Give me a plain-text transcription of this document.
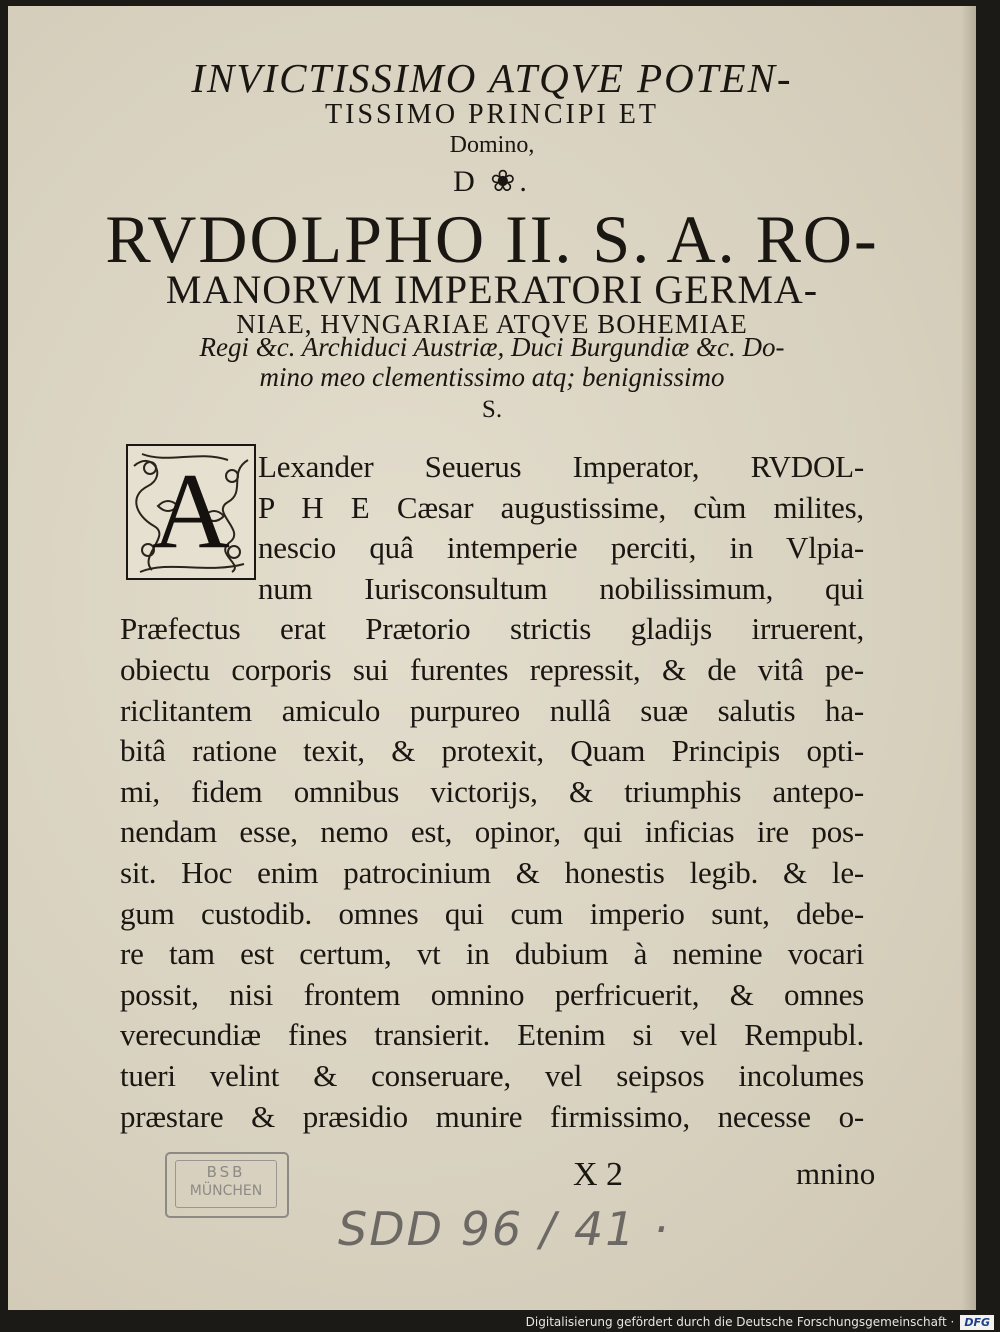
INVICTISSIMO ATQVE POTEN-
TISSIMO PRINCIPI ET
Domino,
D ❀.
RVDOLPHO II. S. A. RO-
MANORVM IMPERATORI GERMA-
NIAE, HVNGARIAE ATQVE BOHEMIAE
Regi &c. Archiduci Austriæ, Duci Burgundiæ &c. Do-
mino meo clementissimo atq; benignissimo
S.
A Lexander Seuerus Imperator, RVDOL-
P H E Cæsar augustissime, cùm milites,
nescio quâ intemperie perciti, in Vlpia-
num Iurisconsultum nobilissimum, qui
Præfectus erat Prætorio strictis gladijs irruerent,
obiectu corporis sui furentes repressit, & de vitâ pe-
riclitantem amiculo purpureo nullâ suæ salutis ha-
bitâ ratione texit, & protexit, Quam Principis opti-
mi, fidem omnibus victorijs, & triumphis antepo-
nendam esse, nemo est, opinor, qui inficias ire pos-
sit. Hoc enim patrocinium & honestis legib. & le-
gum custodib. omnes qui cum imperio sunt, debe-
re tam est certum, vt in dubium à nemine vocari
possit, nisi frontem omnino perfricuerit, & omnes
verecundiæ fines transierit. Etenim si vel Rempubl.
tueri velint & conseruare, vel seipsos incolumes
præstare & præsidio munire firmissimo, necesse o-
BSB
MÜNCHEN	X 2	mnino
SDD 96 / 41 ·
Digitalisierung gefördert durch die Deutsche Forschungsgemeinschaft · DFG
